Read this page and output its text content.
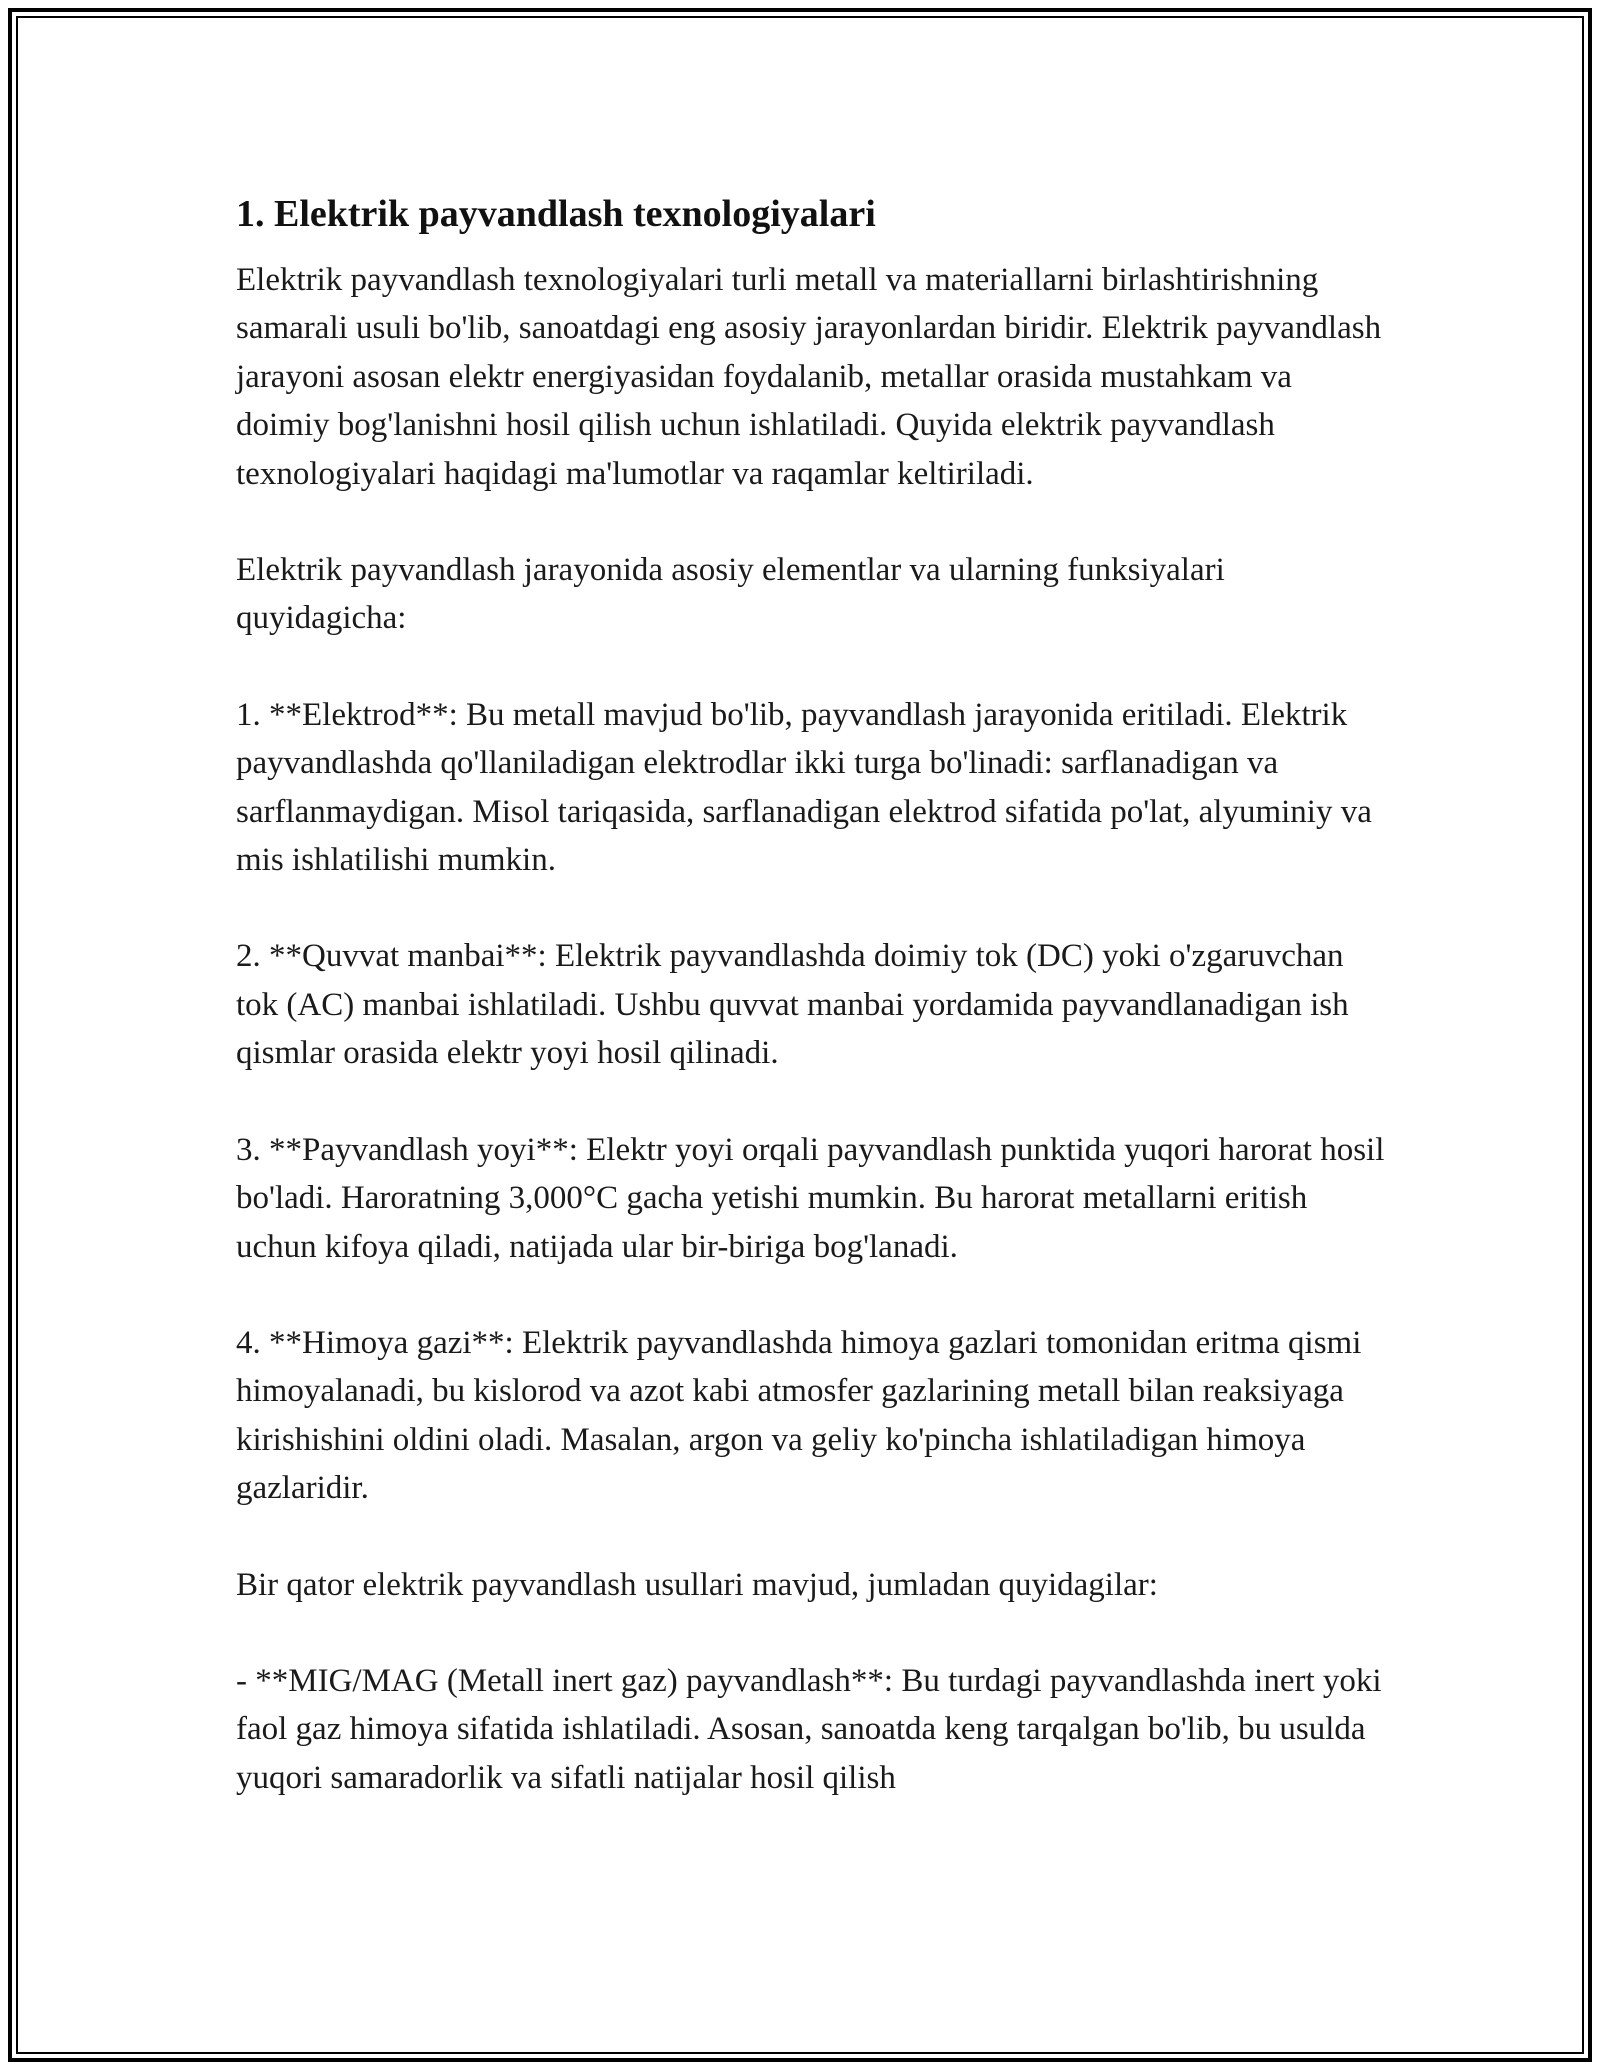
1. Elektrik payvandlash texnologiyalari

Elektrik payvandlash texnologiyalari turli metall va materiallarni birlashtirishning samarali usuli bo'lib, sanoatdagi eng asosiy jarayonlardan biridir. Elektrik payvandlash jarayoni asosan elektr energiyasidan foydalanib, metallar orasida mustahkam va doimiy bog'lanishni hosil qilish uchun ishlatiladi. Quyida elektrik payvandlash texnologiyalari haqidagi ma'lumotlar va raqamlar keltiriladi.

Elektrik payvandlash jarayonida asosiy elementlar va ularning funksiyalari quyidagicha:

1. **Elektrod**: Bu metall mavjud bo'lib, payvandlash jarayonida eritiladi. Elektrik payvandlashda qo'llaniladigan elektrodlar ikki turga bo'linadi: sarflanadigan va sarflanmaydigan. Misol tariqasida, sarflanadigan elektrod sifatida po'lat, alyuminiy va mis ishlatilishi mumkin.

2. **Quvvat manbai**: Elektrik payvandlashda doimiy tok (DC) yoki o'zgaruvchan tok (AC) manbai ishlatiladi. Ushbu quvvat manbai yordamida payvandlanadigan ish qismlar orasida elektr yoyi hosil qilinadi.

3. **Payvandlash yoyi**: Elektr yoyi orqali payvandlash punktida yuqori harorat hosil bo'ladi. Haroratning 3,000°C gacha yetishi mumkin. Bu harorat metallarni eritish uchun kifoya qiladi, natijada ular bir-biriga bog'lanadi.

4. **Himoya gazi**: Elektrik payvandlashda himoya gazlari tomonidan eritma qismi himoyalanadi, bu kislorod va azot kabi atmosfer gazlarining metall bilan reaksiyaga kirishishini oldini oladi. Masalan, argon va geliy ko'pincha ishlatiladigan himoya gazlaridir.

Bir qator elektrik payvandlash usullari mavjud, jumladan quyidagilar:

- **MIG/MAG (Metall inert gaz) payvandlash**: Bu turdagi payvandlashda inert yoki faol gaz himoya sifatida ishlatiladi. Asosan, sanoatda keng tarqalgan bo'lib, bu usulda yuqori samaradorlik va sifatli natijalar hosil qilish
